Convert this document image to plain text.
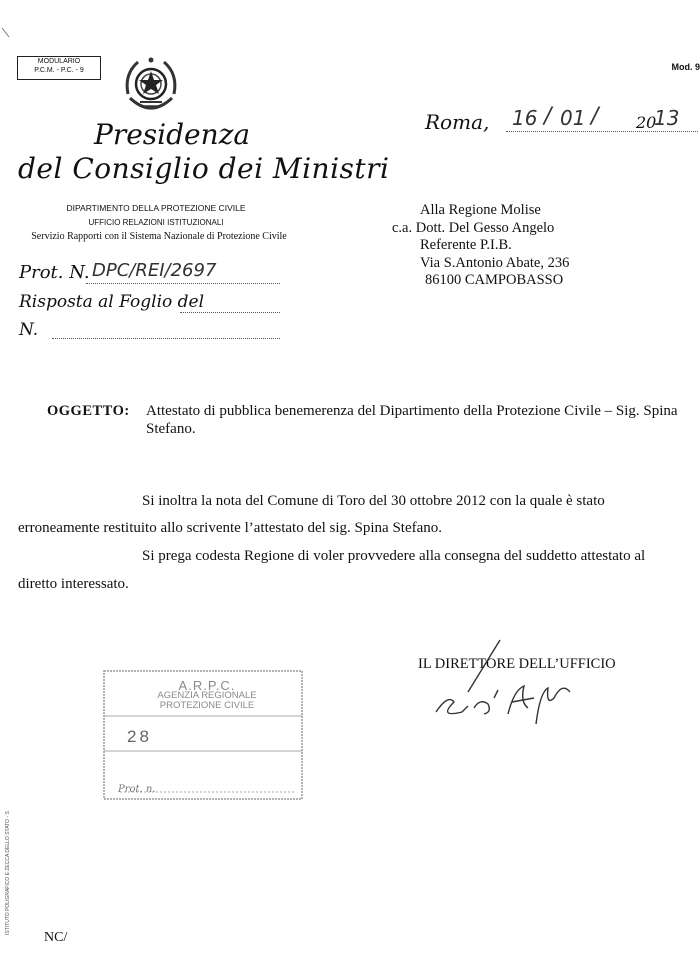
MODULARIO
P.C.M. - P.C. - 9	Mod. 9
Presidenza
del Consiglio dei Ministri
DIPARTIMENTO DELLA PROTEZIONE CIVILE
UFFICIO RELAZIONI ISTITUZIONALI
Servizio Rapporti con il Sistema Nazionale di Protezione Civile
Prot. N. DPC/REI/2697
Risposta al Foglio del
N.
Roma, 16 / 01 / 20
13
Alla Regione Molise
c.a. Dott. Del Gesso Angelo
Referente P.I.B.
Via S.Antonio Abate, 236
86100 CAMPOBASSO
OGGETTO: Attestato di pubblica benemerenza del Dipartimento della Protezione Civile – Sig. Spina Stefano.
Si inoltra la nota del Comune di Toro del 30 ottobre 2012 con la quale è stato
erroneamente restituito allo scrivente l’attestato del sig. Spina Stefano.
Si prega codesta Regione di voler provvedere alla consegna del suddetto attestato al
diretto interessato.
IL DIRETTORE DELL’UFFICIO
A.R.P.C.
AGENZIA REGIONALE
PROTEZIONE CIVILE
28
Prot. n.
ISTITUTO POLIGRAFICO E ZECCA DELLO STATO - S.
NC/
